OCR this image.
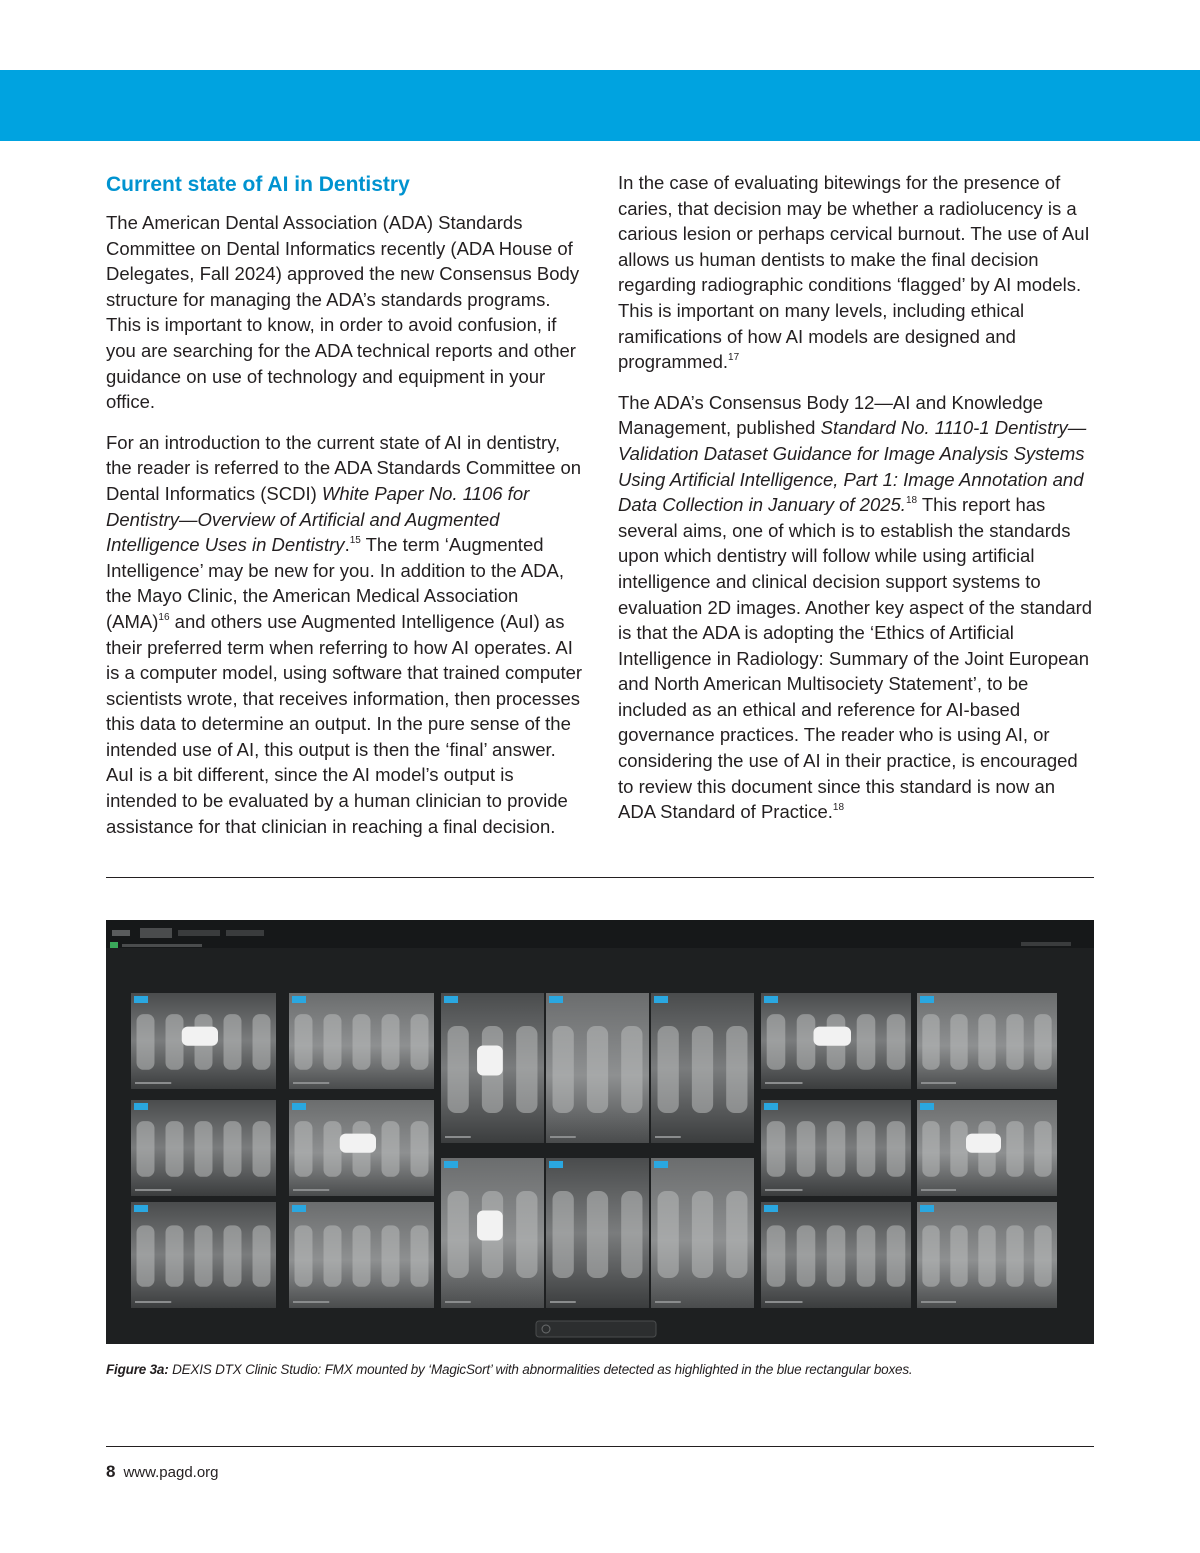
Current state of AI in Dentistry

The American Dental Association (ADA) Standards Committee on Dental Informatics recently (ADA House of Delegates, Fall 2024) approved the new Consensus Body structure for managing the ADA’s standards programs. This is important to know, in order to avoid confusion, if you are searching for the ADA technical reports and other guidance on use of technology and equipment in your office.

For an introduction to the current state of AI in dentistry, the reader is referred to the ADA Standards Committee on Dental Informatics (SCDI) White Paper No. 1106 for Dentistry—Overview of Artificial and Augmented Intelligence Uses in Dentistry.$^{15}$ The term ‘Augmented Intelligence’ may be new for you. In addition to the ADA, the Mayo Clinic, the American Medical Association (AMA)$^{16}$ and others use Augmented Intelligence (AuI) as their preferred term when referring to how AI operates. AI is a computer model, using software that trained computer scientists wrote, that receives information, then processes this data to determine an output. In the pure sense of the intended use of AI, this output is then the ‘final’ answer. AuI is a bit different, since the AI model’s output is intended to be evaluated by a human clinician to provide assistance for that clinician in reaching a final decision.

In the case of evaluating bitewings for the presence of caries, that decision may be whether a radiolucency is a carious lesion or perhaps cervical burnout. The use of AuI allows us human dentists to make the final decision regarding radiographic conditions ‘flagged’ by AI models. This is important on many levels, including ethical ramifications of how AI models are designed and programmed.$^{17}$

The ADA’s Consensus Body 12—AI and Knowledge Management, published Standard No. 1110-1 Dentistry—Validation Dataset Guidance for Image Analysis Systems Using Artificial Intelligence, Part 1: Image Annotation and Data Collection in January of 2025.18 This report has several aims, one of which is to establish the standards upon which dentistry will follow while using artificial intelligence and clinical decision support systems to evaluation 2D images. Another key aspect of the standard is that the ADA is adopting the ‘Ethics of Artificial Intelligence in Radiology: Summary of the Joint European and North American Multisociety Statement’, to be included as an ethical and reference for AI-based governance practices. The reader who is using AI, or considering the use of AI in their practice, is encouraged to review this document since this standard is now an ADA Standard of Practice.$^{18}$

Figure 3a: DEXIS DTX Clinic Studio: FMX mounted by ‘MagicSort’ with abnormalities detected as highlighted in the blue rectangular boxes.
8 www.pagd.org
